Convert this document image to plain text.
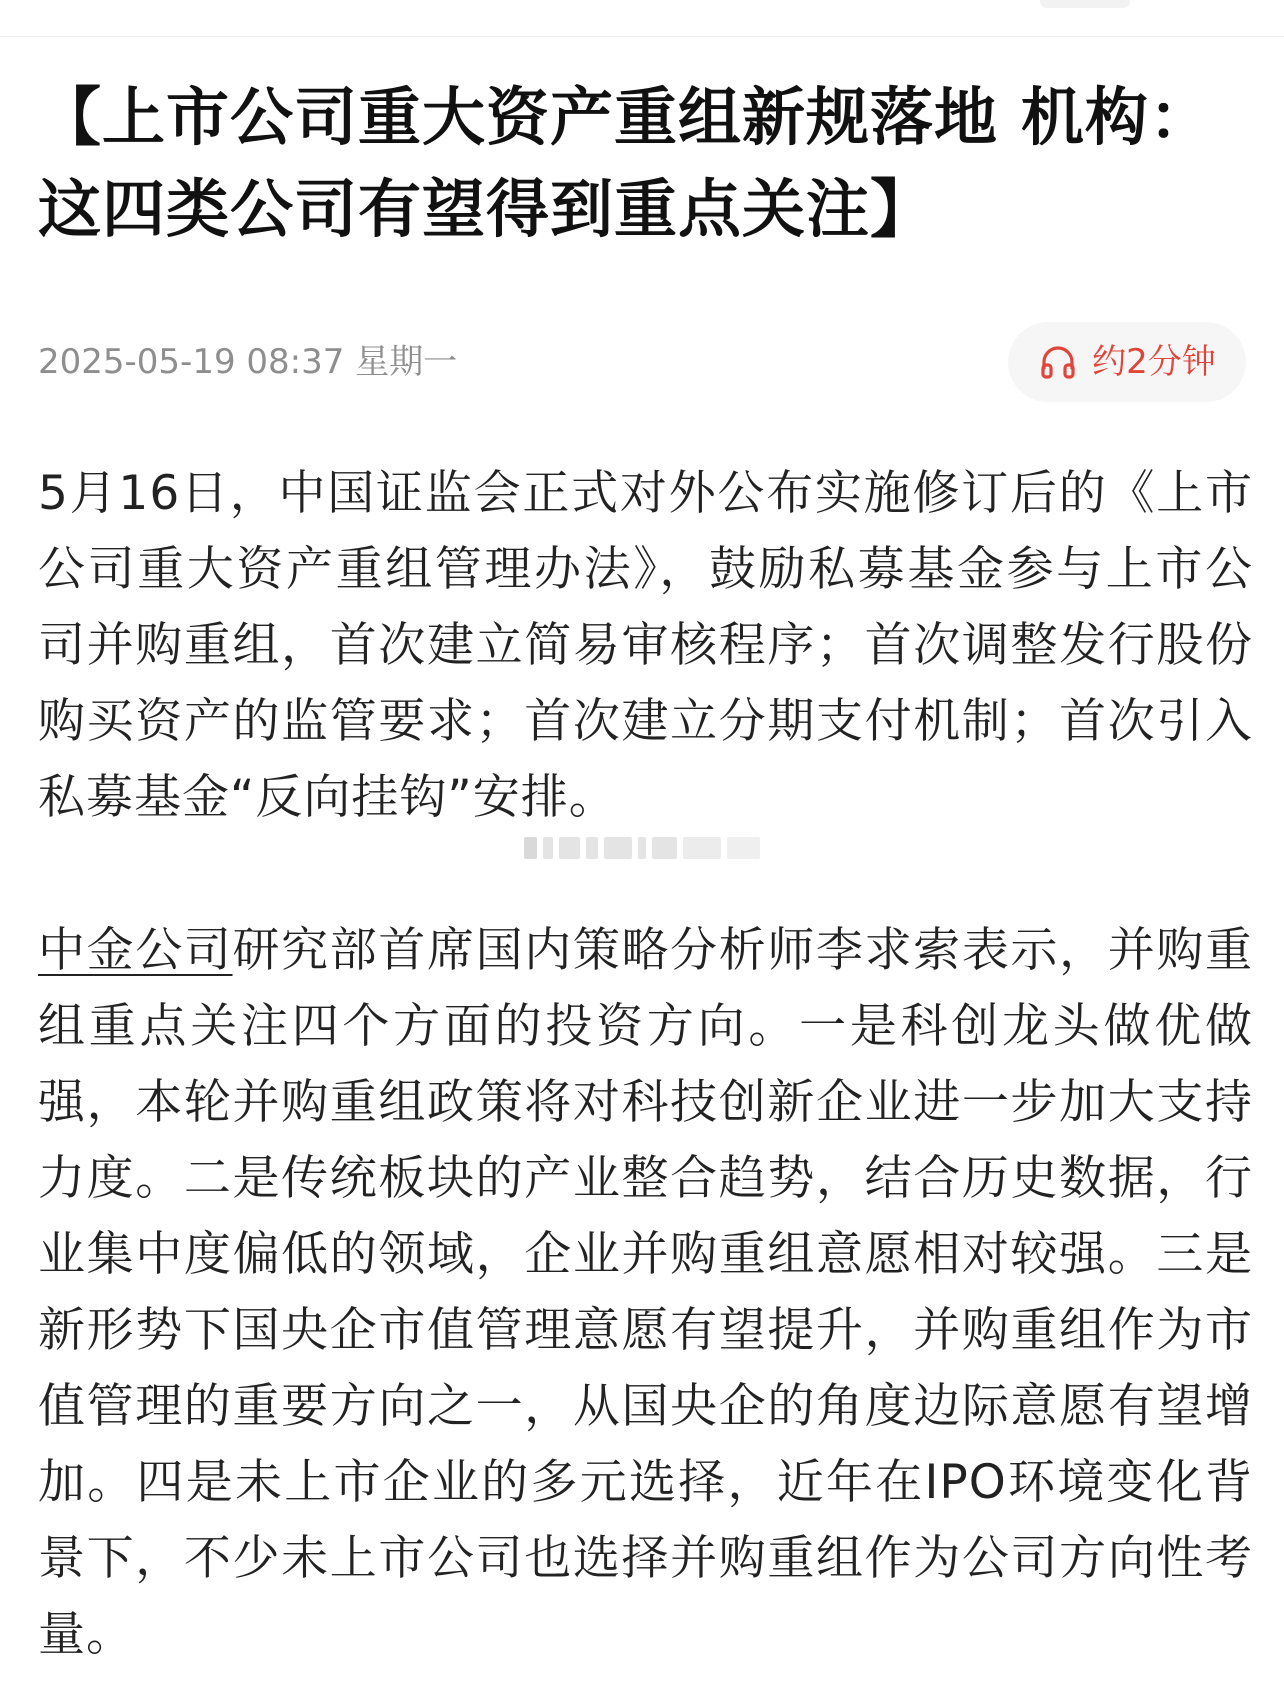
【上市公司重大资产重组新规落地 机构：这四类公司有望得到重点关注】
2025-05-19 08:37 星期一	约2分钟

5月16日，中国证监会正式对外公布实施修订后的《上市公司重大资产重组管理办法》，鼓励私募基金参与上市公司并购重组，首次建立简易审核程序；首次调整发行股份购买资产的监管要求；首次建立分期支付机制；首次引入私募基金“反向挂钩”安排。

中金公司研究部首席国内策略分析师李求索表示，并购重组重点关注四个方面的投资方向。一是科创龙头做优做强，本轮并购重组政策将对科技创新企业进一步加大支持力度。二是传统板块的产业整合趋势，结合历史数据，行业集中度偏低的领域，企业并购重组意愿相对较强。三是新形势下国央企市值管理意愿有望提升，并购重组作为市值管理的重要方向之一，从国央企的角度边际意愿有望增加。四是未上市企业的多元选择，近年在IPO环境变化背景下，不少未上市公司也选择并购重组作为公司方向性考量。
